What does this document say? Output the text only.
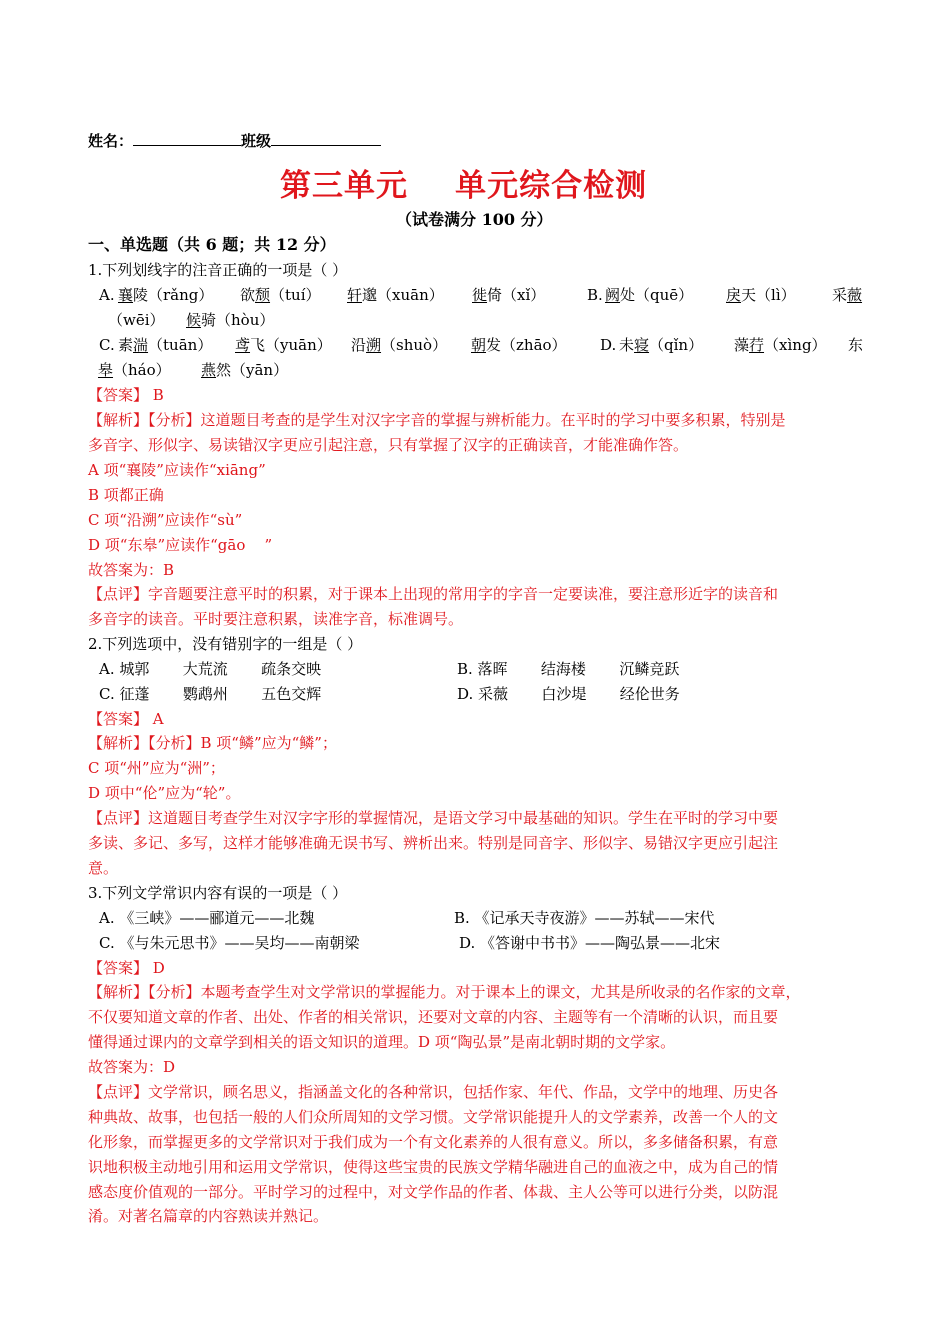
姓名：	班级
第三单元    单元综合检测
（试卷满分 100 分）
一、单选题（共 6 题；共 12 分）
1.下列划线字的注音正确的一项是（ ）
A. 襄陵（rǎng） 欲颓（tuí） 轩邈（xuān） 徙倚（xǐ）	B. 阙处（quē） 戾天（lì） 采薇
（wēi） 候骑（hòu）
C. 素湍（tuān） 鸢飞（yuān） 沿溯（shuò） 朝发（zhāo） D. 未寝（qǐn） 藻荇（xìng） 东
皋（háo） 燕然（yān）
【答案】 B
【解析】【分析】这道题目考查的是学生对汉字字音的掌握与辨析能力。在平时的学习中要多积累，特别是
多音字、形似字、易读错汉字更应引起注意，只有掌握了汉字的正确读音，才能准确作答。
A 项“襄陵”应读作“xiāng”
B 项都正确
C 项“沿溯”应读作“sù”
D 项“东皋”应读作“gāo    ”
故答案为：B
【点评】字音题要注意平时的积累，对于课本上出现的常用字的字音一定要读准，要注意形近字的读音和
多音字的读音。平时要注意积累，读准字音，标准调号。
2.下列选项中，没有错别字的一组是（ ）
A. 城郭       大荒流       疏条交映	B. 落晖       结海楼       沉鳞竞跃
C. 征蓬       鹦鹉州       五色交辉	D. 采薇       白沙堤       经伦世务
【答案】 A
【解析】【分析】B 项“鳞”应为“鳞”；
C 项“州”应为“洲”；
D 项中“伦”应为“轮”。
【点评】这道题目考查学生对汉字字形的掌握情况，是语文学习中最基础的知识。学生在平时的学习中要
多读、多记、多写，这样才能够准确无误书写、辨析出来。特别是同音字、形似字、易错汉字更应引起注
意。
3.下列文学常识内容有误的一项是（ ）
A. 《三峡》——郦道元——北魏	B. 《记承天寺夜游》——苏轼——宋代
C. 《与朱元思书》——吴均——南朝梁	D. 《答谢中书书》——陶弘景——北宋
【答案】 D
【解析】【分析】本题考查学生对文学常识的掌握能力。对于课本上的课文，尤其是所收录的名作家的文章，
不仅要知道文章的作者、出处、作者的相关常识，还要对文章的内容、主题等有一个清晰的认识，而且要
懂得通过课内的文章学到相关的语文知识的道理。D 项“陶弘景”是南北朝时期的文学家。
故答案为：D
【点评】文学常识，顾名思义，指涵盖文化的各种常识，包括作家、年代、作品，文学中的地理、历史各
种典故、故事，也包括一般的人们众所周知的文学习惯。文学常识能提升人的文学素养，改善一个人的文
化形象，而掌握更多的文学常识对于我们成为一个有文化素养的人很有意义。所以，多多储备积累，有意
识地积极主动地引用和运用文学常识，使得这些宝贵的民族文学精华融进自己的血液之中，成为自己的情
感态度价值观的一部分。平时学习的过程中，对文学作品的作者、体裁、主人公等可以进行分类，以防混
淆。对著名篇章的内容熟读并熟记。
